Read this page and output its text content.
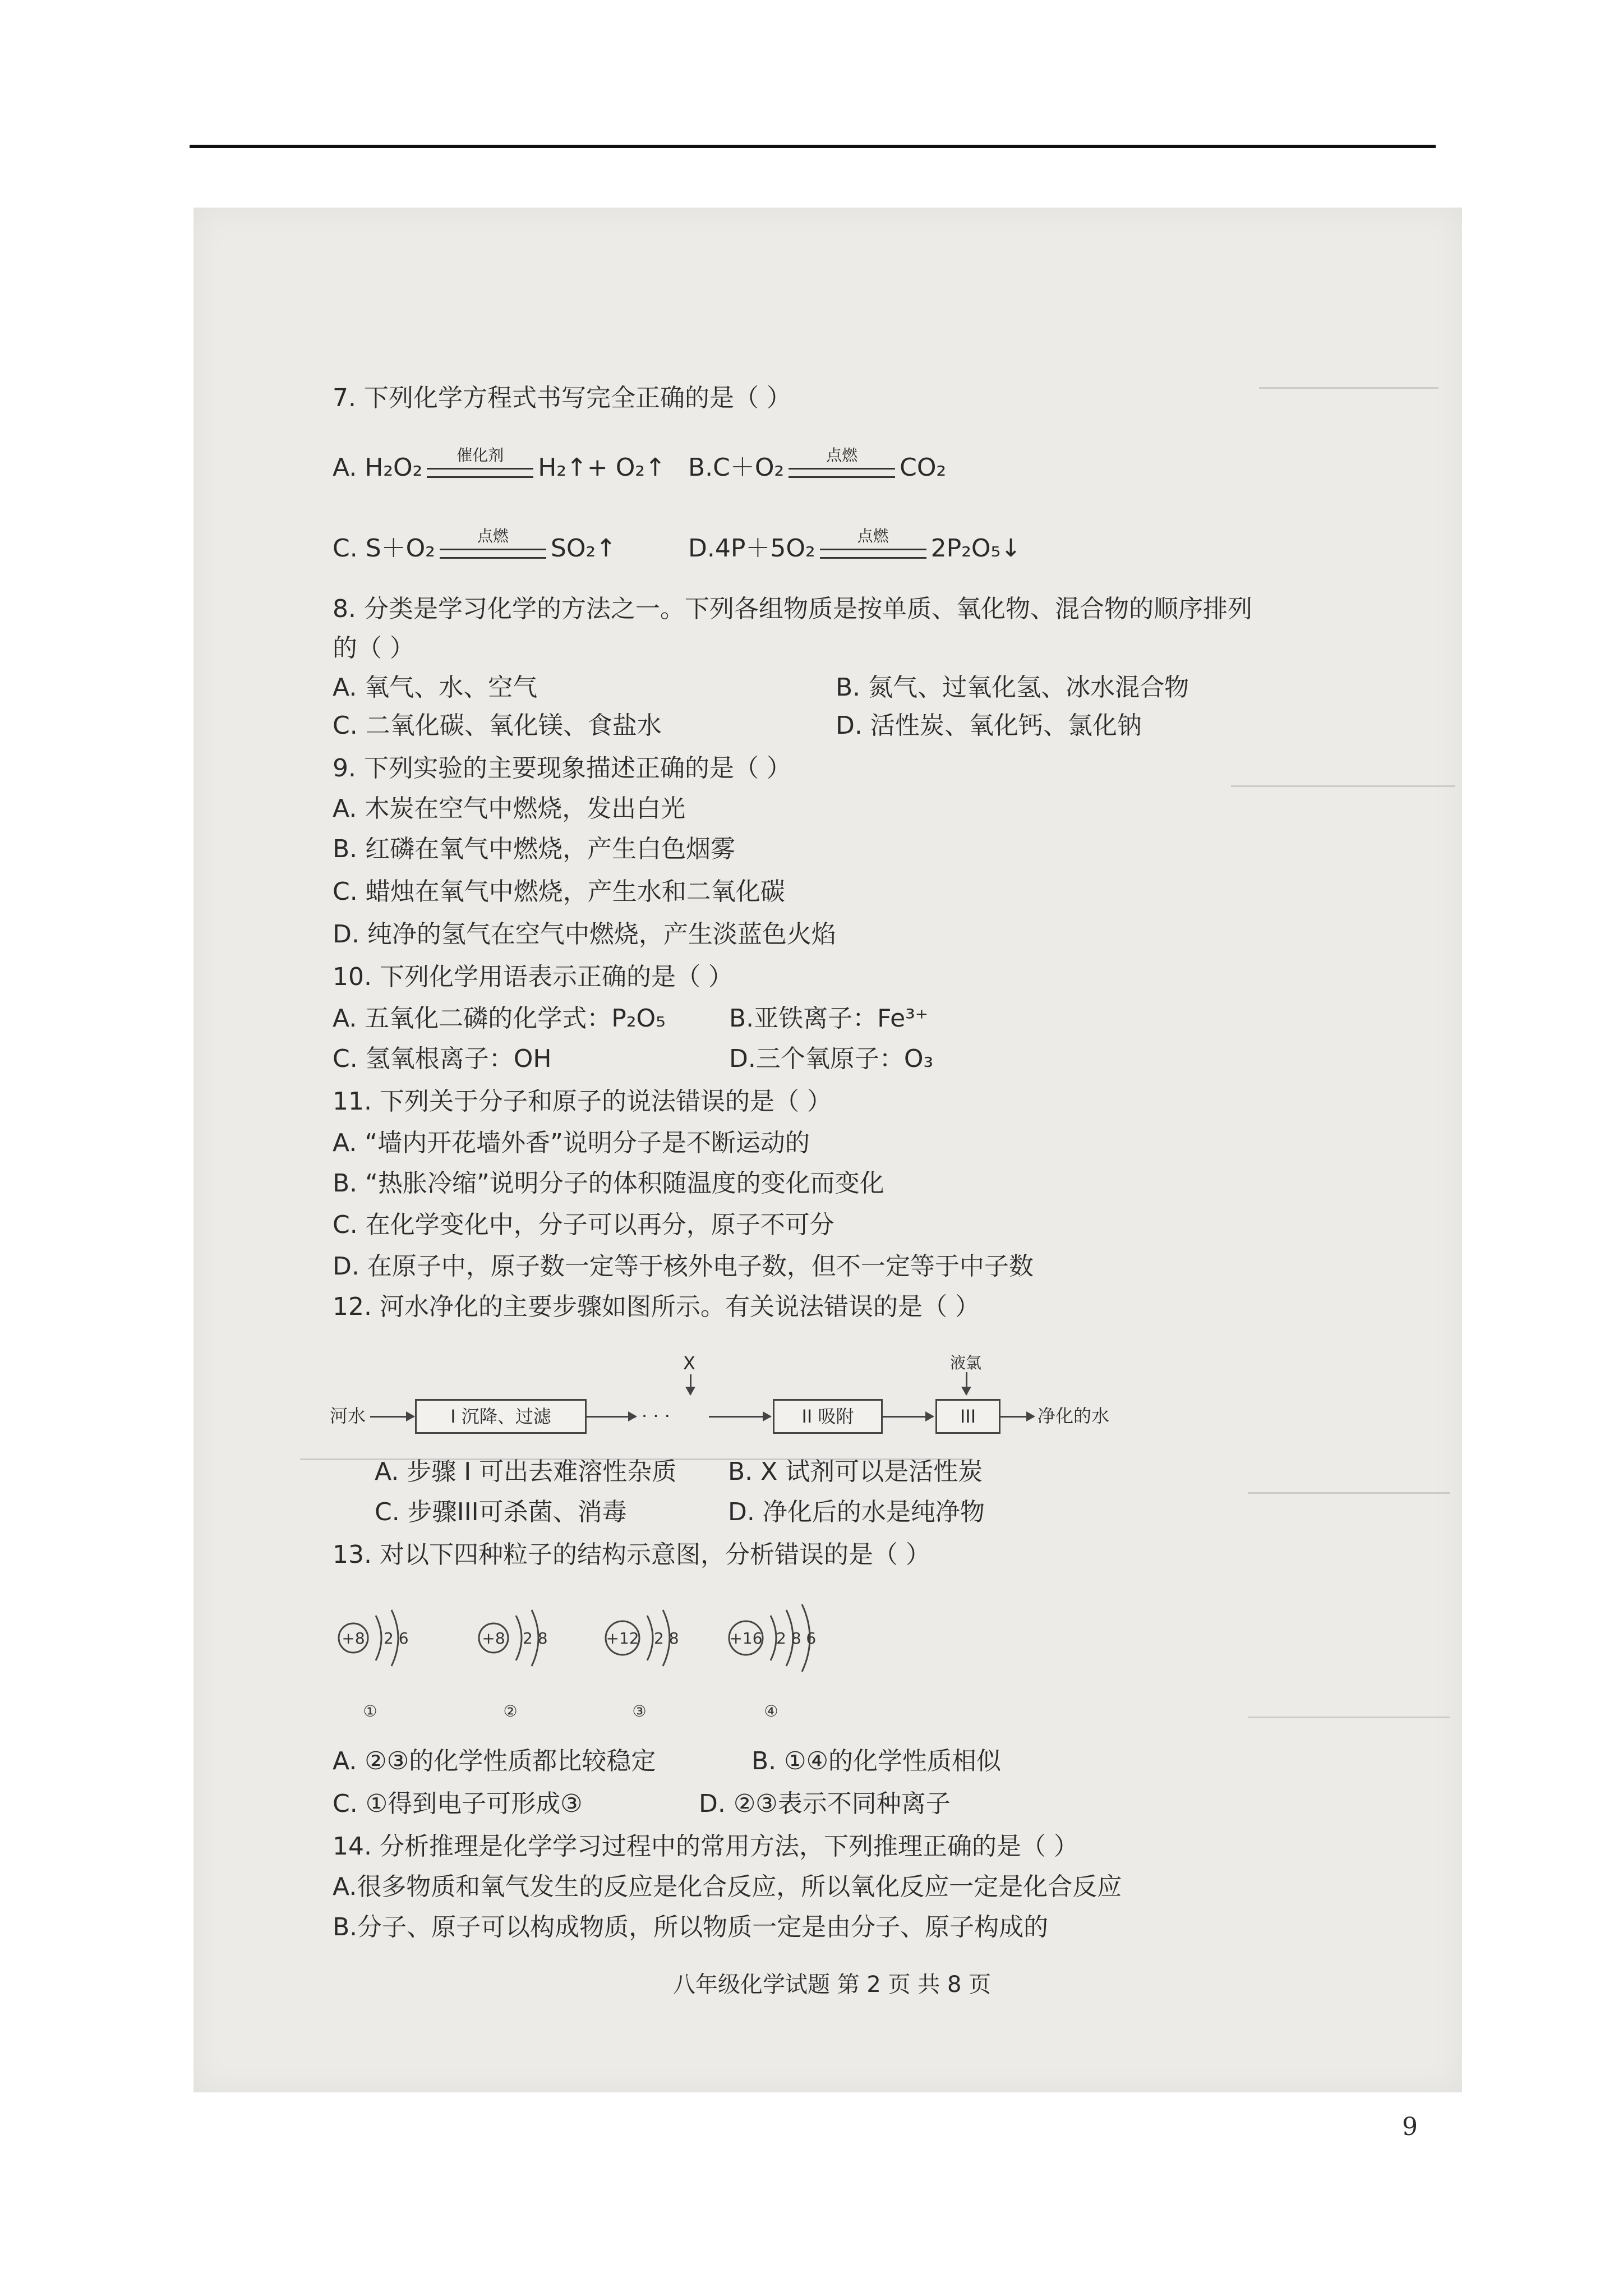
7. 下列化学方程式书写完全正确的是（ ）
A. H₂O₂	催化剂	H₂↑+ O₂↑ B.C＋O₂	点燃	CO₂
C. S＋O₂	点燃	SO₂↑	D.4P＋5O₂	点燃	2P₂O₅↓
8. 分类是学习化学的方法之一。下列各组物质是按单质、氧化物、混合物的顺序排列
的（ ）
A. 氧气、水、空气	B. 氮气、过氧化氢、冰水混合物
C. 二氧化碳、氧化镁、食盐水	D. 活性炭、氧化钙、氯化钠
9. 下列实验的主要现象描述正确的是（ ）
A. 木炭在空气中燃烧，发出白光
B. 红磷在氧气中燃烧，产生白色烟雾
C. 蜡烛在氧气中燃烧，产生水和二氧化碳
D. 纯净的氢气在空气中燃烧，产生淡蓝色火焰
10. 下列化学用语表示正确的是（ ）
A. 五氧化二磷的化学式：P₂O₅	B.亚铁离子：Fe³⁺
C. 氢氧根离子：OH	D.三个氧原子：O₃
11. 下列关于分子和原子的说法错误的是（ ）
A. “墙内开花墙外香”说明分子是不断运动的
B. “热胀冷缩”说明分子的体积随温度的变化而变化
C. 在化学变化中，分子可以再分，原子不可分
D. 在原子中，原子数一定等于核外电子数，但不一定等于中子数
12. 河水净化的主要步骤如图所示。有关说法错误的是（ ）
河水	I 沉降、过滤	· · ·	II 吸附	III	净化的水
X	液氯
A. 步骤 I 可出去难溶性杂质 B. X 试剂可以是活性炭
C. 步骤III可杀菌、消毒	D. 净化后的水是纯净物
13. 对以下四种粒子的结构示意图，分析错误的是（ ）
+8 2 6
①
+8 2 8
②
+12 2 8
③
+16 2 8 6
④
A. ②③的化学性质都比较稳定	B. ①④的化学性质相似
C. ①得到电子可形成③	D. ②③表示不同种离子
14. 分析推理是化学学习过程中的常用方法，下列推理正确的是（ ）
A.很多物质和氧气发生的反应是化合反应，所以氧化反应一定是化合反应
B.分子、原子可以构成物质，所以物质一定是由分子、原子构成的
八年级化学试题 第 2 页 共 8 页
9
